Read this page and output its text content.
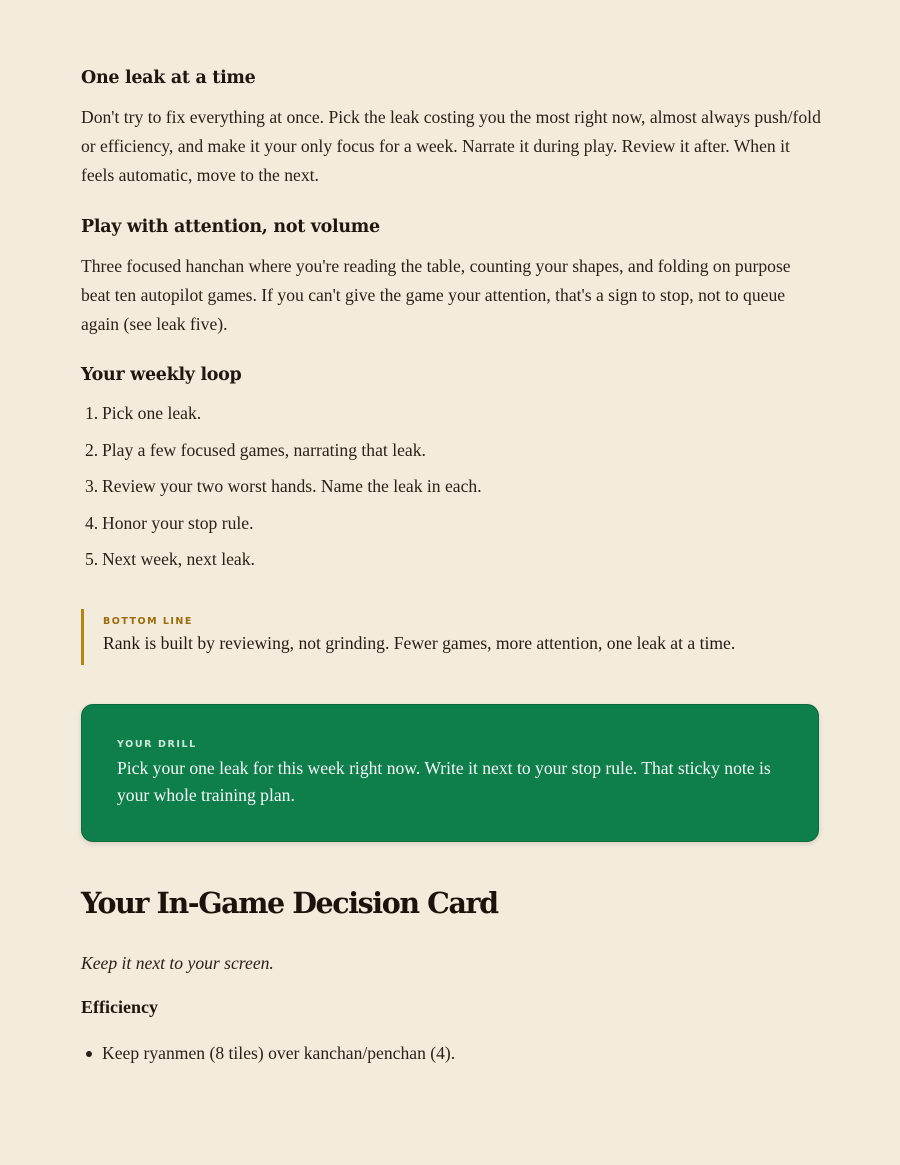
One leak at a time

Don't try to fix everything at once. Pick the leak costing you the most right now, almost always push/fold or efficiency, and make it your only focus for a week. Narrate it during play. Review it after. When it feels automatic, move to the next.

Play with attention, not volume

Three focused hanchan where you're reading the table, counting your shapes, and folding on purpose beat ten autopilot games. If you can't give the game your attention, that's a sign to stop, not to queue again (see leak five).

Your weekly loop
1. Pick one leak.
2. Play a few focused games, narrating that leak.
3. Review your two worst hands. Name the leak in each.
4. Honor your stop rule.
5. Next week, next leak.
BOTTOM LINE
Rank is built by reviewing, not grinding. Fewer games, more attention, one leak at a time.
YOUR DRILL
Pick your one leak for this week right now. Write it next to your stop rule. That sticky note is your whole training plan.
Your In-Game Decision Card

Keep it next to your screen.

Efficiency
Keep ryanmen (8 tiles) over kanchan/penchan (4).
